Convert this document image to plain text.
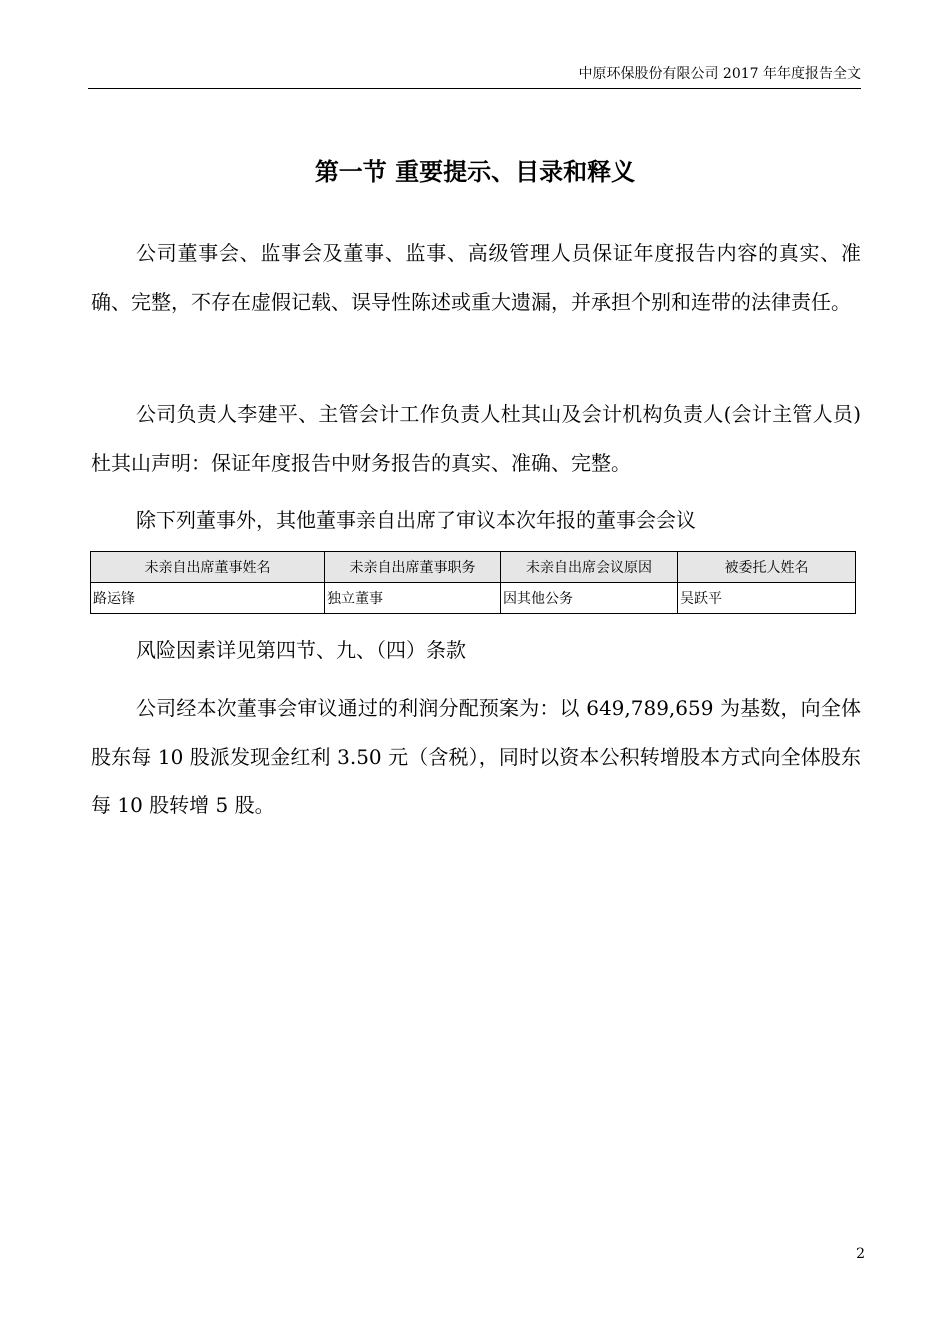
中原环保股份有限公司 2017 年年度报告全文
第一节 重要提示、目录和释义

公司董事会、监事会及董事、监事、高级管理人员保证年度报告内容的真实、准确、完整，不存在虚假记载、误导性陈述或重大遗漏，并承担个别和连带的法律责任。

公司负责人李建平、主管会计工作负责人杜其山及会计机构负责人(会计主管人员)杜其山声明：保证年度报告中财务报告的真实、准确、完整。

除下列董事外，其他董事亲自出席了审议本次年报的董事会会议

未亲自出席董事姓名	未亲自出席董事职务	未亲自出席会议原因	被委托人姓名
路运锋	独立董事	因其他公务	吴跃平

风险因素详见第四节、九、（四）条款

公司经本次董事会审议通过的利润分配预案为：以 649,789,659 为基数，向全体股东每 10 股派发现金红利 3.50 元（含税），同时以资本公积转增股本方式向全体股东每 10 股转增 5 股。

2
